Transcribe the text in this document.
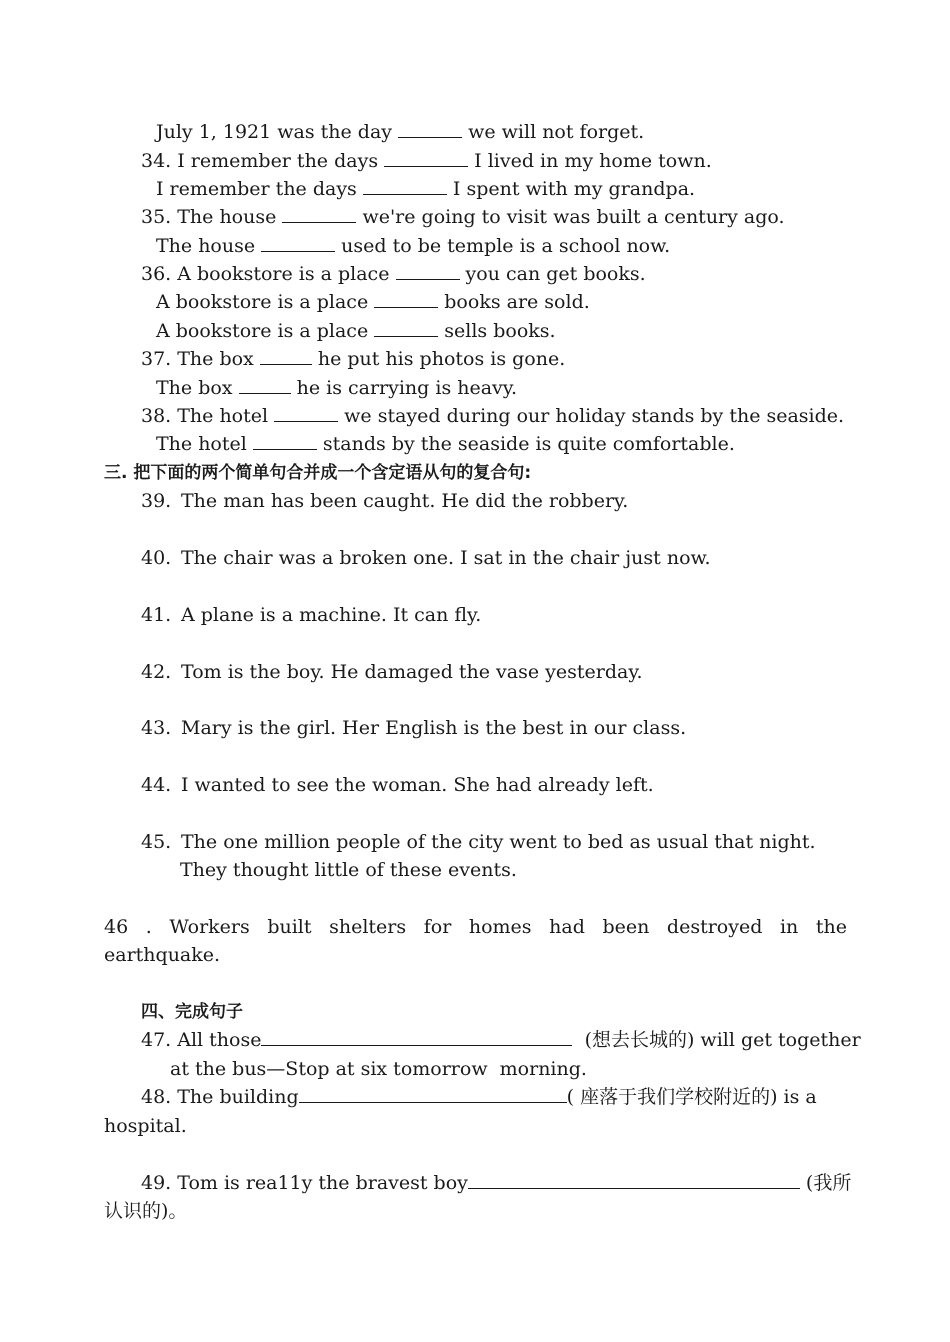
July 1, 1921 was the day	we will not forget.
34. I remember the days	I lived in my home town.
I remember the days	I spent with my grandpa.
35. The house	we're going to visit was built a century ago.
The house	used to be temple is a school now.
36. A bookstore is a place	you can get books.
A bookstore is a place	books are sold.
A bookstore is a place	sells books.
37. The box	he put his photos is gone.
The box	he is carrying is heavy.
38. The hotel	we stayed during our holiday stands by the seaside.
The hotel	stands by the seaside is quite comfortable.
三. 把下面的两个简单句合并成一个含定语从句的复合句:
39. The man has been caught. He did the robbery.
40. The chair was a broken one. I sat in the chair just now.
41. A plane is a machine. It can fly.
42. Tom is the boy. He damaged the vase yesterday.
43. Mary is the girl. Her English is the best in our class.
44. I wanted to see the woman. She had already left.
45. The one million people of the city went to bed as usual that night.
They thought little of these events.
46 . Workers built shelters for homes had been destroyed in the
earthquake.
四、完成句子
47. All those	(想去长城的) will get together
at the bus—Stop at six tomorrow  morning.
48. The building	( 座落于我们学校附近的) is a
hospital.
49. Tom is rea11y the bravest boy	(我所
认识的)。
